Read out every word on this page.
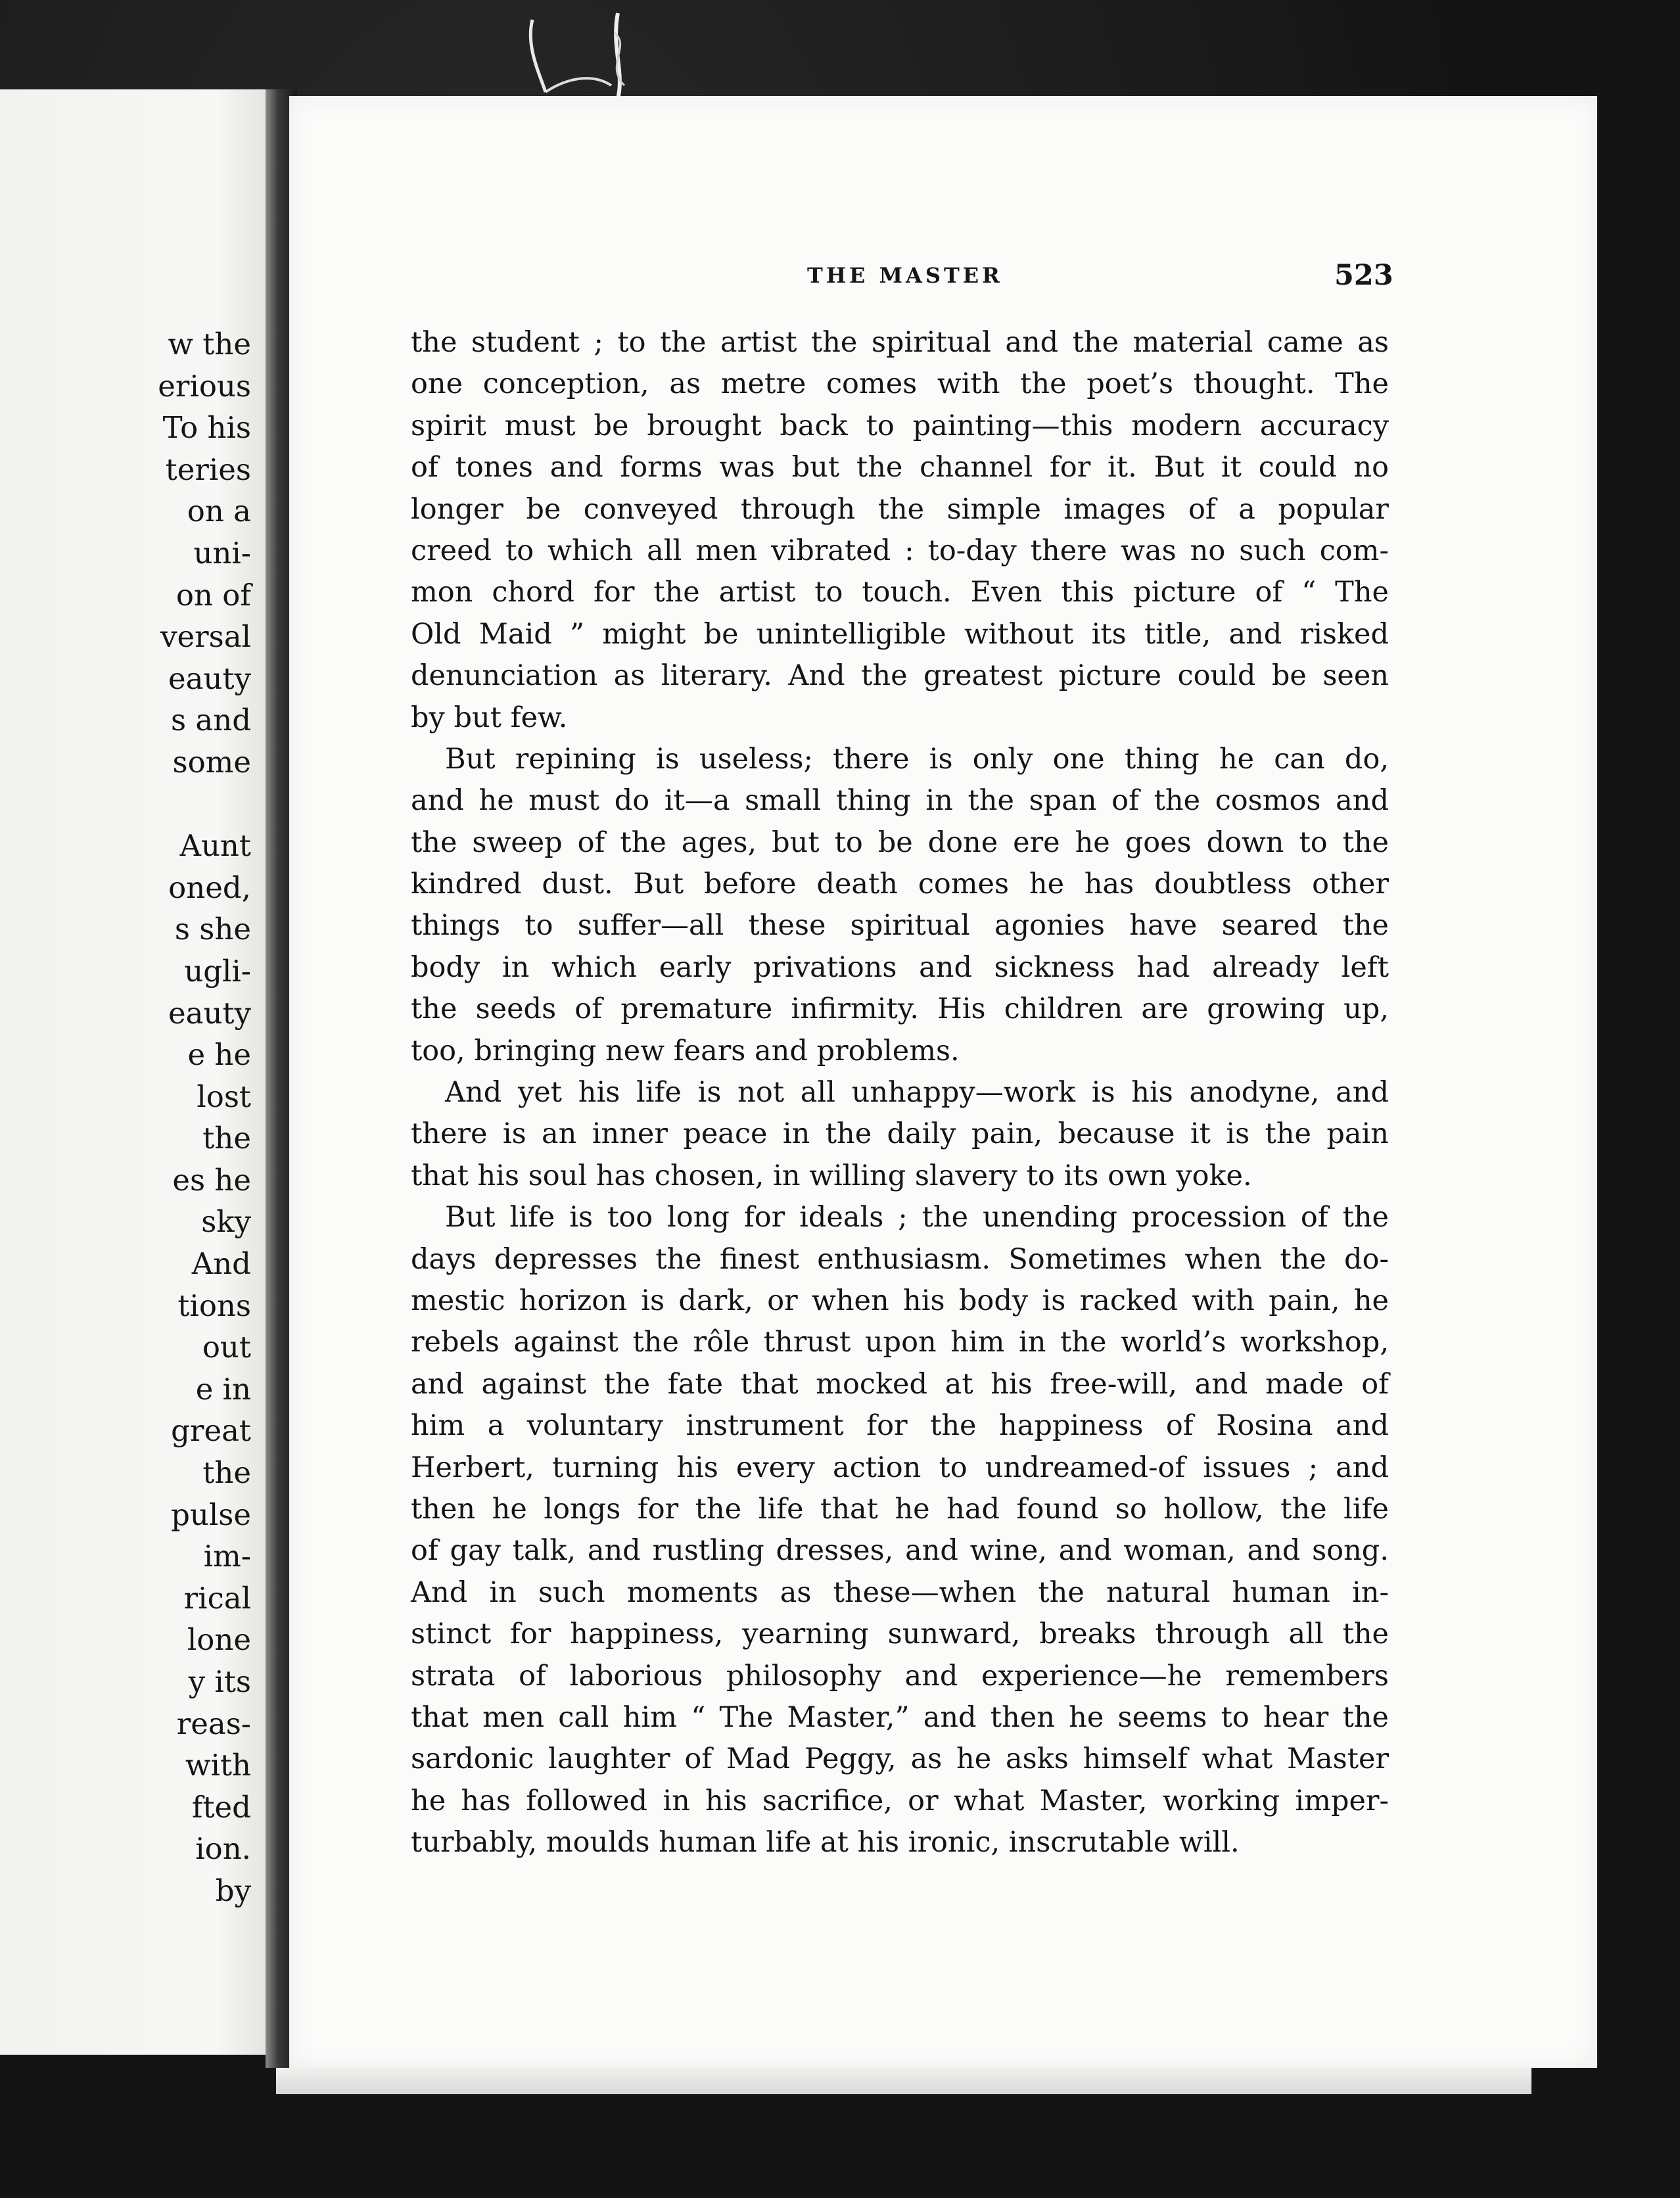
w the
erious
To his
teries
on a
uni-
on of
versal
eauty
s and
some
Aunt
oned,
s she
ugli-
eauty
e he
lost
the
es he
sky
And
tions
out
e in
great
the
pulse
im-
rical
lone
y its
reas-
with
fted
ion.
by
THE MASTER	523
the student ; to the artist the spiritual and the material came as
one conception, as metre comes with the poet’s thought. The
spirit must be brought back to painting—this modern accuracy
of tones and forms was but the channel for it. But it could no
longer be conveyed through the simple images of a popular
creed to which all men vibrated : to-day there was no such com-
mon chord for the artist to touch. Even this picture of “ The
Old Maid ” might be unintelligible without its title, and risked
denunciation as literary. And the greatest picture could be seen
by but few.
But repining is useless; there is only one thing he can do,
and he must do it—a small thing in the span of the cosmos and
the sweep of the ages, but to be done ere he goes down to the
kindred dust. But before death comes he has doubtless other
things to suffer—all these spiritual agonies have seared the
body in which early privations and sickness had already left
the seeds of premature infirmity. His children are growing up,
too, bringing new fears and problems.
And yet his life is not all unhappy—work is his anodyne, and
there is an inner peace in the daily pain, because it is the pain
that his soul has chosen, in willing slavery to its own yoke.
But life is too long for ideals ; the unending procession of the
days depresses the finest enthusiasm. Sometimes when the do-
mestic horizon is dark, or when his body is racked with pain, he
rebels against the rôle thrust upon him in the world’s workshop,
and against the fate that mocked at his free-will, and made of
him a voluntary instrument for the happiness of Rosina and
Herbert, turning his every action to undreamed-of issues ; and
then he longs for the life that he had found so hollow, the life
of gay talk, and rustling dresses, and wine, and woman, and song.
And in such moments as these—when the natural human in-
stinct for happiness, yearning sunward, breaks through all the
strata of laborious philosophy and experience—he remembers
that men call him “ The Master,” and then he seems to hear the
sardonic laughter of Mad Peggy, as he asks himself what Master
he has followed in his sacrifice, or what Master, working imper-
turbably, moulds human life at his ironic, inscrutable will.
